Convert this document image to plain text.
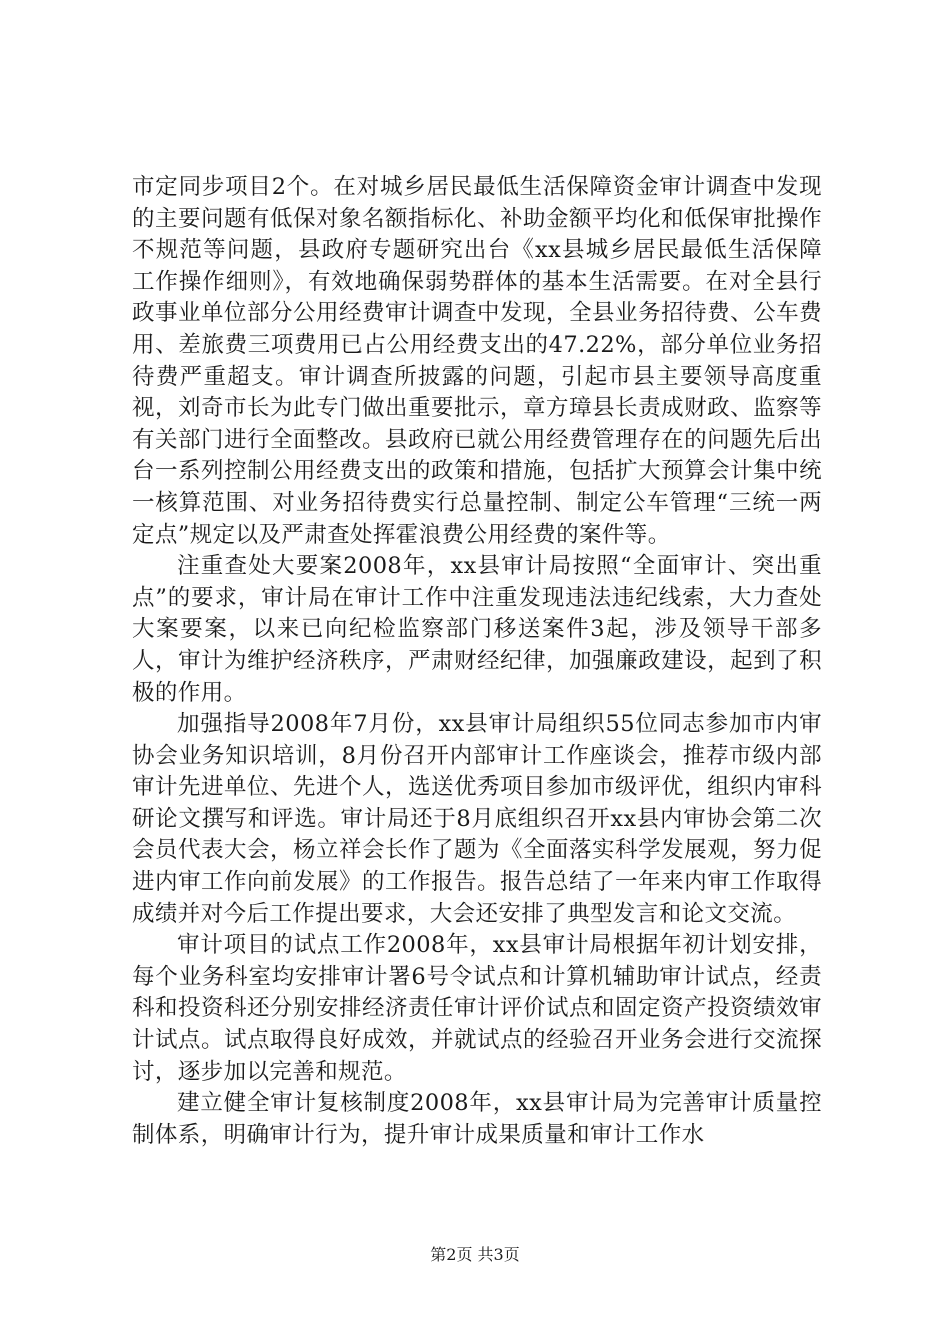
市定同步项目2个。在对城乡居民最低生活保障资金审计调查中发现的主要问题有低保对象名额指标化、补助金额平均化和低保审批操作不规范等问题，县政府专题研究出台《xx县城乡居民最低生活保障工作操作细则》，有效地确保弱势群体的基本生活需要。在对全县行政事业单位部分公用经费审计调查中发现，全县业务招待费、公车费用、差旅费三项费用已占公用经费支出的47.22%，部分单位业务招待费严重超支。审计调查所披露的问题，引起市县主要领导高度重视，刘奇市长为此专门做出重要批示，章方璋县长责成财政、监察等有关部门进行全面整改。县政府已就公用经费管理存在的问题先后出台一系列控制公用经费支出的政策和措施，包括扩大预算会计集中统一核算范围、对业务招待费实行总量控制、制定公车管理“三统一两定点”规定以及严肃查处挥霍浪费公用经费的案件等。

注重查处大要案2008年，xx县审计局按照“全面审计、突出重点”的要求，审计局在审计工作中注重发现违法违纪线索，大力查处大案要案，以来已向纪检监察部门移送案件3起，涉及领导干部多人，审计为维护经济秩序，严肃财经纪律，加强廉政建设，起到了积极的作用。

加强指导2008年7月份，xx县审计局组织55位同志参加市内审协会业务知识培训，8月份召开内部审计工作座谈会，推荐市级内部审计先进单位、先进个人，选送优秀项目参加市级评优，组织内审科研论文撰写和评选。审计局还于8月底组织召开xx县内审协会第二次会员代表大会，杨立祥会长作了题为《全面落实科学发展观，努力促进内审工作向前发展》的工作报告。报告总结了一年来内审工作取得成绩并对今后工作提出要求，大会还安排了典型发言和论文交流。

审计项目的试点工作2008年，xx县审计局根据年初计划安排，每个业务科室均安排审计署6号令试点和计算机辅助审计试点，经责科和投资科还分别安排经济责任审计评价试点和固定资产投资绩效审计试点。试点取得良好成效，并就试点的经验召开业务会进行交流探讨，逐步加以完善和规范。

建立健全审计复核制度2008年，xx县审计局为完善审计质量控制体系，明确审计行为，提升审计成果质量和审计工作水

第2页 共3页
